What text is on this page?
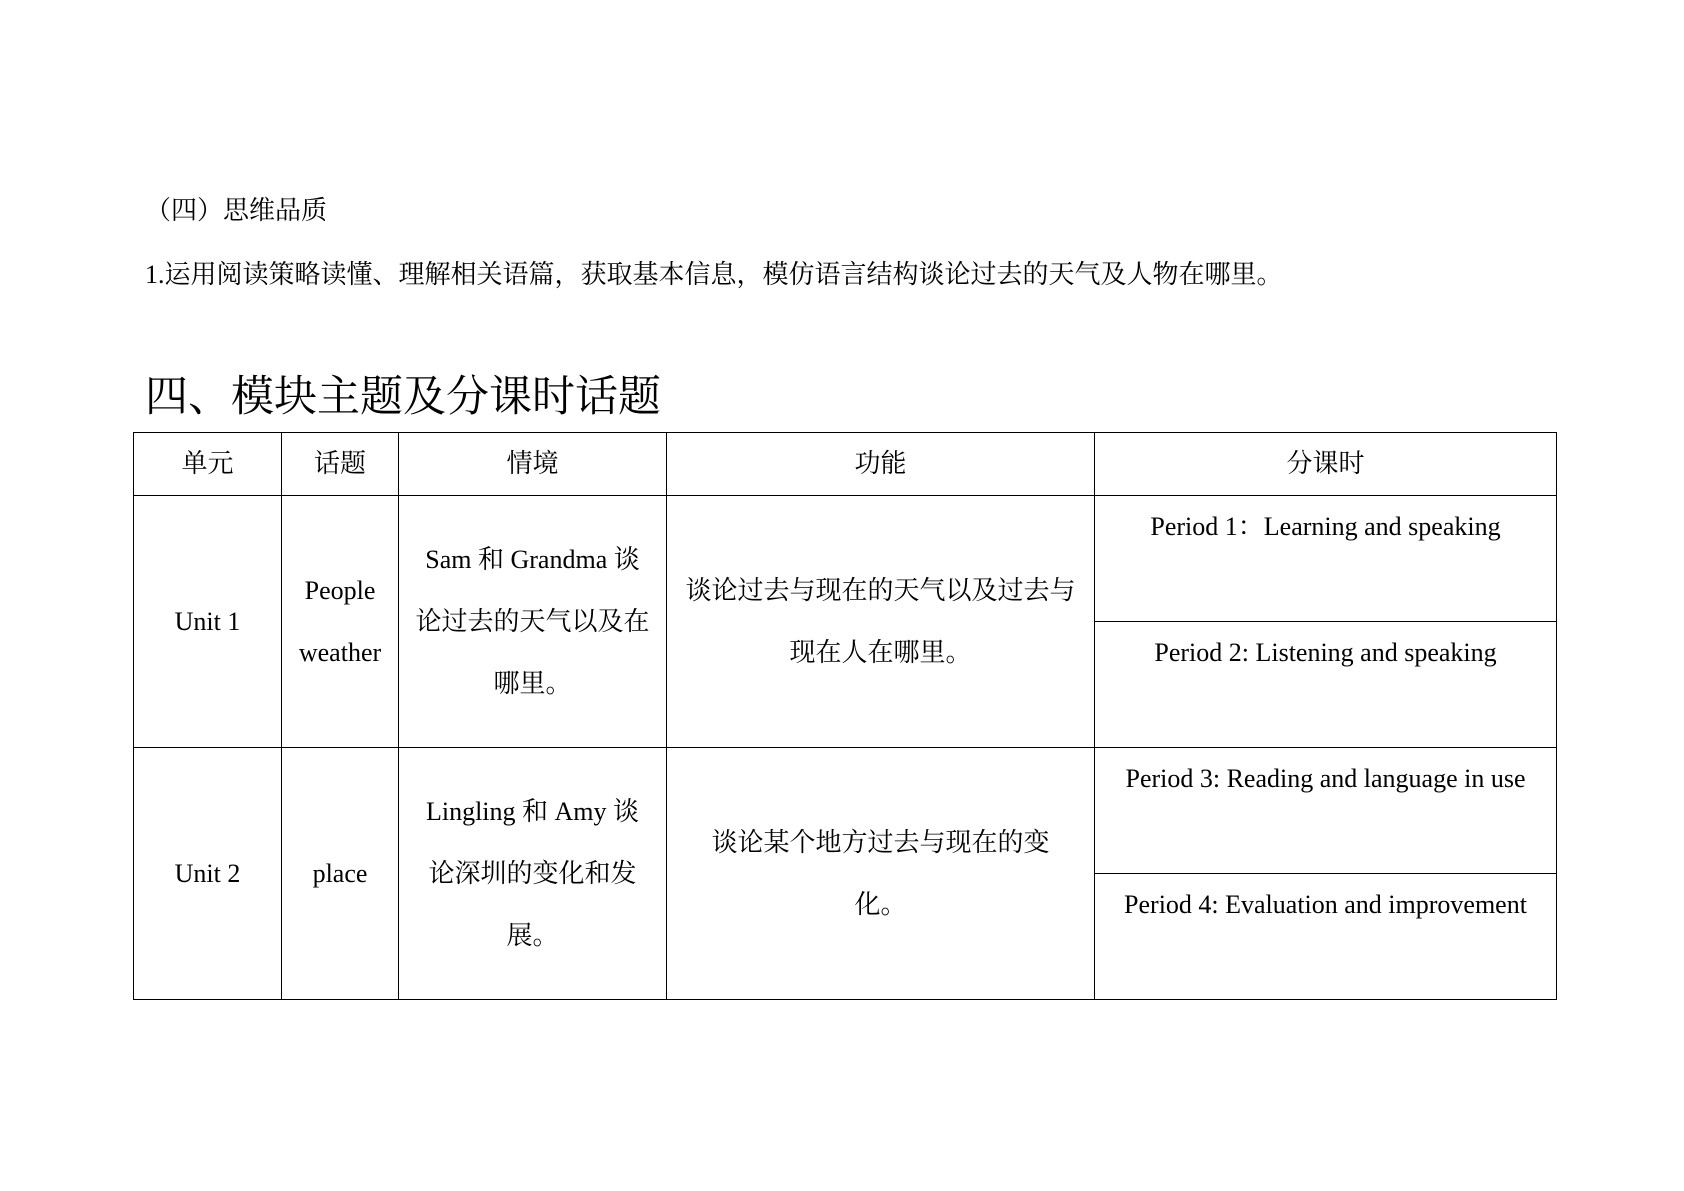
（四）思维品质
1.运用阅读策略读懂、理解相关语篇，获取基本信息，模仿语言结构谈论过去的天气及人物在哪里。
四、模块主题及分课时话题
单元	话题	情境	功能	分课时
Unit 1	People weather	Sam 和 Grandma 谈论过去的天气以及在哪里。	谈论过去与现在的天气以及过去与现在人在哪里。	Period 1：Learning and speaking

				Period 2: Listening and speaking

Unit 2	place	Lingling 和 Amy 谈论深圳的变化和发展。	谈论某个地方过去与现在的变化。	Period 3: Reading and language in use

				Period 4: Evaluation and improvement
